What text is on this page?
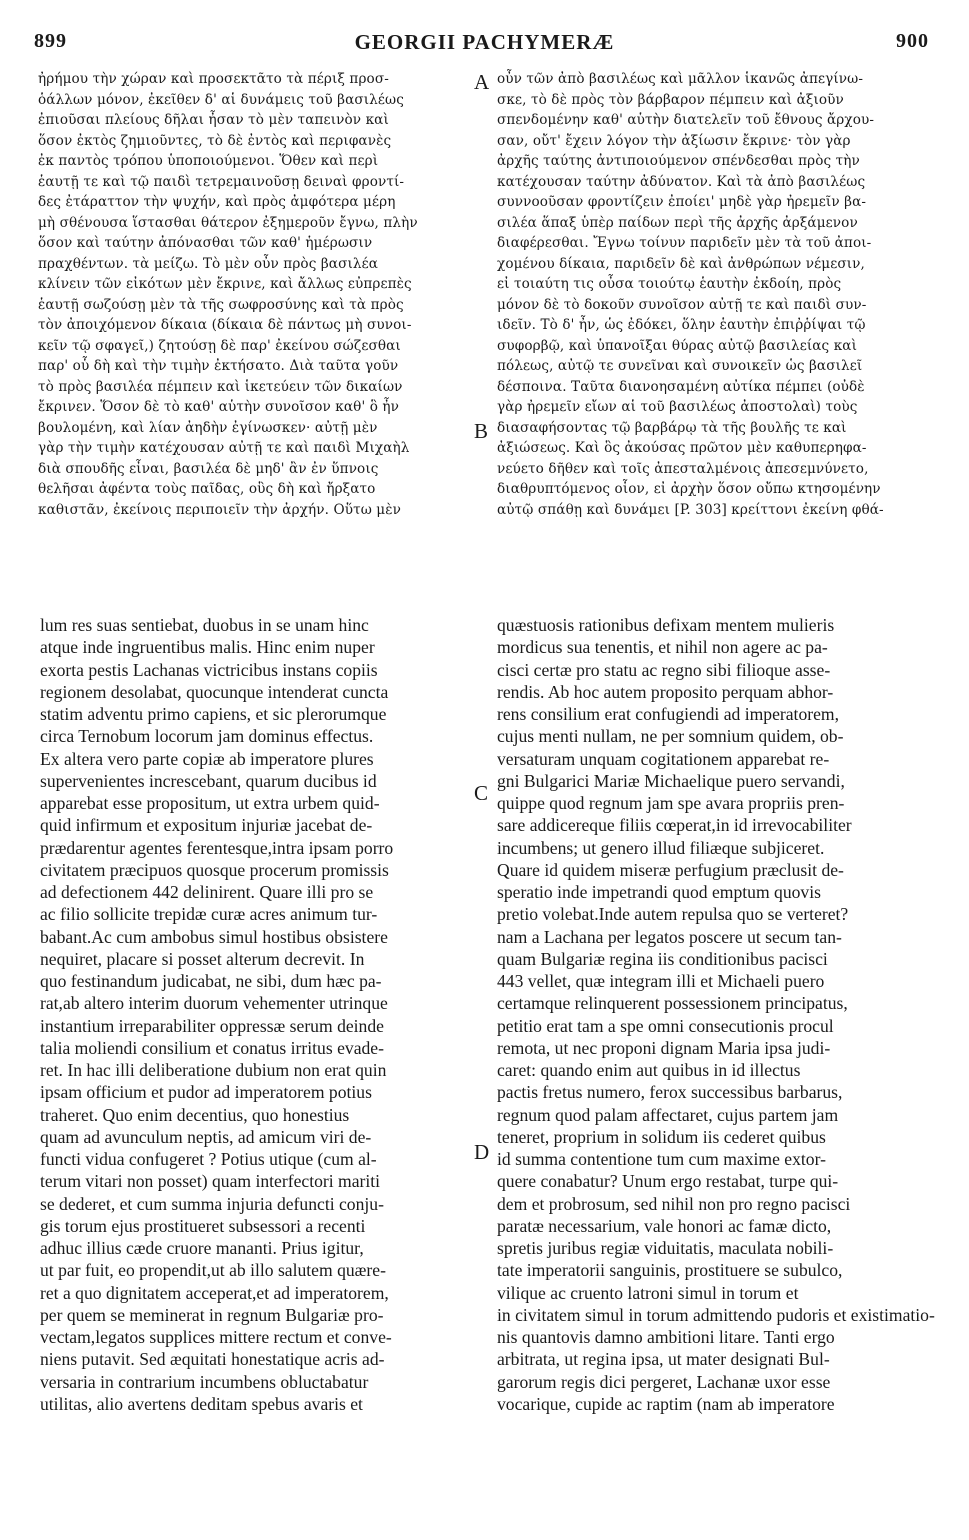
899	GEORGII PACHYMERÆ	900
ἠρήμου τὴν χώραν καὶ προσεκτᾶτο τὰ πέριξ προσ-
ὁάλλων μόνον, ἐκεῖθεν δ' αἱ δυνάμεις τοῦ βασιλέως
ἐπιοῦσαι πλείους δῆλαι ἦσαν τὸ μὲν ταπεινὸν καὶ
ὅσον ἐκτὸς ζημιοῦντες, τὸ δὲ ἐντὸς καὶ περιφανὲς
ἐκ παντὸς τρόπου ὑποποιούμενοι. Ὅθεν καὶ περὶ
ἑαυτῇ τε καὶ τῷ παιδὶ τετρεμαινοῦσῃ δειναὶ φροντί-
δες ἐτάραττον τὴν ψυχήν, καὶ πρὸς ἀμφότερα μέρη
μὴ σθένουσα ἵστασθαι θάτερον ἐξημεροῦν ἔγνω, πλὴν
ὅσον καὶ ταύτην ἀπόνασθαι τῶν καθ' ἡμέρωσιν
πραχθέντων. τὰ μείζω. Τὸ μὲν οὖν πρὸς βασιλέα
κλίνειν τῶν εἰκότων μὲν ἔκρινε, καὶ ἄλλως εὐπρεπὲς
ἑαυτῇ σωζούσῃ μὲν τὰ τῆς σωφροσύνης καὶ τὰ πρὸς
τὸν ἀποιχόμενον δίκαια (δίκαια δὲ πάντως μὴ συνοι-
κεῖν τῷ σφαγεῖ,) ζητούσῃ δὲ παρ' ἐκείνου σώζεσθαι
παρ' οὗ δὴ καὶ τὴν τιμὴν ἐκτήσατο. Διὰ ταῦτα γοῦν
τὸ πρὸς βασιλέα πέμπειν καὶ ἱκετεύειν τῶν δικαίων
ἔκρινεν. Ὅσον δὲ τὸ καθ' αὑτὴν συνοῖσον καθ' ὃ ἦν
βουλομένη, καὶ λίαν ἀηδὴν ἐγίνωσκεν· αὐτῇ μὲν
γὰρ τὴν τιμὴν κατέχουσαν αὐτῇ τε καὶ παιδὶ Μιχαὴλ
διὰ σπουδῆς εἶναι, βασιλέα δὲ μηδ' ἂν ἐν ὕπνοις
θελῆσαι ἀφέντα τοὺς παῖδας, οὓς δὴ καὶ ἤρξατο
καθιστᾶν, ἐκείνοις περιποιεῖν τὴν ἀρχήν. Οὕτω μὲν
οὖν τῶν ἀπὸ βασιλέως καὶ μᾶλλον ἱκανῶς ἀπεγίνω-
σκε, τὸ δὲ πρὸς τὸν βάρβαρον πέμπειν καὶ ἀξιοῦν
σπενδομένην καθ' αὑτὴν διατελεῖν τοῦ ἔθνους ἄρχου-
σαν, οὔτ' ἔχειν λόγον τὴν ἀξίωσιν ἔκρινε· τὸν γὰρ
ἀρχῆς ταύτης ἀντιποιούμενον σπένδεσθαι πρὸς τὴν
κατέχουσαν ταύτην ἀδύνατον. Καὶ τὰ ἀπὸ βασιλέως
συννοοῦσαν φροντίζειν ἐποίει' μηδὲ γὰρ ἠρεμεῖν βα-
σιλέα ἅπαξ ὑπὲρ παίδων περὶ τῆς ἀρχῆς ἀρξάμενον
διαφέρεσθαι. Ἔγνω τοίνυν παριδεῖν μὲν τὰ τοῦ ἀποι-
χομένου δίκαια, παριδεῖν δὲ καὶ ἀνθρώπων νέμεσιν,
εἰ τοιαύτη τις οὖσα τοιούτῳ ἑαυτὴν ἐκδοίη, πρὸς
μόνον δὲ τὸ δοκοῦν συνοῖσον αὐτῇ τε καὶ παιδὶ συν-
ιδεῖν. Τὸ δ' ἦν, ὡς ἐδόκει, ὅλην ἑαυτὴν ἐπιῤῥίψαι τῷ
συφορβῷ, καὶ ὑπανοῖξαι θύρας αὐτῷ βασιλείας καὶ
πόλεως, αὐτῷ τε συνεῖναι καὶ συνοικεῖν ὡς βασιλεῖ
δέσποινα. Ταῦτα διανοησαμένη αὐτίκα πέμπει (οὐδὲ
γὰρ ἠρεμεῖν εἴων αἱ τοῦ βασιλέως ἀποστολαὶ) τοὺς
διασαφήσοντας τῷ βαρβάρῳ τὰ τῆς βουλῆς τε καὶ
ἀξιώσεως. Καὶ ὃς ἀκούσας πρῶτον μὲν καθυπερηφα-
νεύετο δῆθεν καὶ τοῖς ἀπεσταλμένοις ἀπεσεμνύνετο,
διαθρυπτόμενος οἷον, εἰ ἀρχὴν ὅσον οὔπω κτησομένην
αὐτῷ σπάθῃ καὶ δυνάμει [P. 303] κρείττονι ἐκείνη φθά-
lum res suas sentiebat, duobus in se unam hinc
atque inde ingruentibus malis. Hinc enim nuper
exorta pestis Lachanas victricibus instans copiis
regionem desolabat, quocunque intenderat cuncta
statim adventu primo capiens, et sic plerorumque
circa Ternobum locorum jam dominus effectus.
Ex altera vero parte copiæ ab imperatore plures
supervenientes increscebant, quarum ducibus id
apparebat esse propositum, ut extra urbem quid-
quid infirmum et expositum injuriæ jacebat de-
prædarentur agentes ferentesque,intra ipsam porro
civitatem præcipuos quosque procerum promissis
ad defectionem 442 delinirent. Quare illi pro se
ac filio sollicite trepidæ curæ acres animum tur-
babant.Ac cum ambobus simul hostibus obsistere
nequiret, placare si posset alterum decrevit. In
quo festinandum judicabat, ne sibi, dum hæc pa-
rat,ab altero interim duorum vehementer utrinque
instantium irreparabiliter oppressæ serum deinde
talia moliendi consilium et conatus irritus evade-
ret. In hac illi deliberatione dubium non erat quin
ipsam officium et pudor ad imperatorem potius
traheret. Quo enim decentius, quo honestius
quam ad avunculum neptis, ad amicum viri de-
functi vidua confugeret ? Potius utique (cum al-
terum vitari non posset) quam interfectori mariti
se dederet, et cum summa injuria defuncti conju-
gis torum ejus prostitueret subsessori a recenti
adhuc illius cæde cruore mananti. Prius igitur,
ut par fuit, eo propendit,ut ab illo salutem quære-
ret a quo dignitatem acceperat,et ad imperatorem,
per quem se meminerat in regnum Bulgariæ pro-
vectam,legatos supplices mittere rectum et conve-
niens putavit. Sed æquitati honestatique acris ad-
versaria in contrarium incumbens obluctabatur
utilitas, alio avertens deditam spebus avaris et
quæstuosis rationibus defixam mentem mulieris
mordicus sua tenentis, et nihil non agere ac pa-
cisci certæ pro statu ac regno sibi filioque asse-
rendis. Ab hoc autem proposito perquam abhor-
rens consilium erat confugiendi ad imperatorem,
cujus menti nullam, ne per somnium quidem, ob-
versaturam unquam cogitationem apparebat re-
gni Bulgarici Mariæ Michaelique puero servandi,
quippe quod regnum jam spe avara propriis pren-
sare addicereque filiis cœperat,in id irrevocabiliter
incumbens; ut genero illud filiæque subjiceret.
Quare id quidem miseræ perfugium præclusit de-
speratio inde impetrandi quod emptum quovis
pretio volebat.Inde autem repulsa quo se verteret?
nam a Lachana per legatos poscere ut secum tan-
quam Bulgariæ regina iis conditionibus pacisci
443 vellet, quæ integram illi et Michaeli puero
certamque relinquerent possessionem principatus,
petitio erat tam a spe omni consecutionis procul
remota, ut nec proponi dignam Maria ipsa judi-
caret: quando enim aut quibus in id illectus
pactis fretus numero, ferox successibus barbarus,
regnum quod palam affectaret, cujus partem jam
teneret, proprium in solidum iis cederet quibus
id summa contentione tum cum maxime extor-
quere conabatur? Unum ergo restabat, turpe qui-
dem et probrosum, sed nihil non pro regno pacisci
paratæ necessarium, vale honori ac famæ dicto,
spretis juribus regiæ viduitatis, maculata nobili-
tate imperatorii sanguinis, prostituere se subulco,
vilique ac cruento latroni simul in torum et
in civitatem simul in torum admittendo pudoris et existimatio-
nis quantovis damno ambitioni litare. Tanti ergo
arbitrata, ut regina ipsa, ut mater designati Bul-
garorum regis dici pergeret, Lachanæ uxor esse
vocarique, cupide ac raptim (nam ab imperatore
A
B
C
D
